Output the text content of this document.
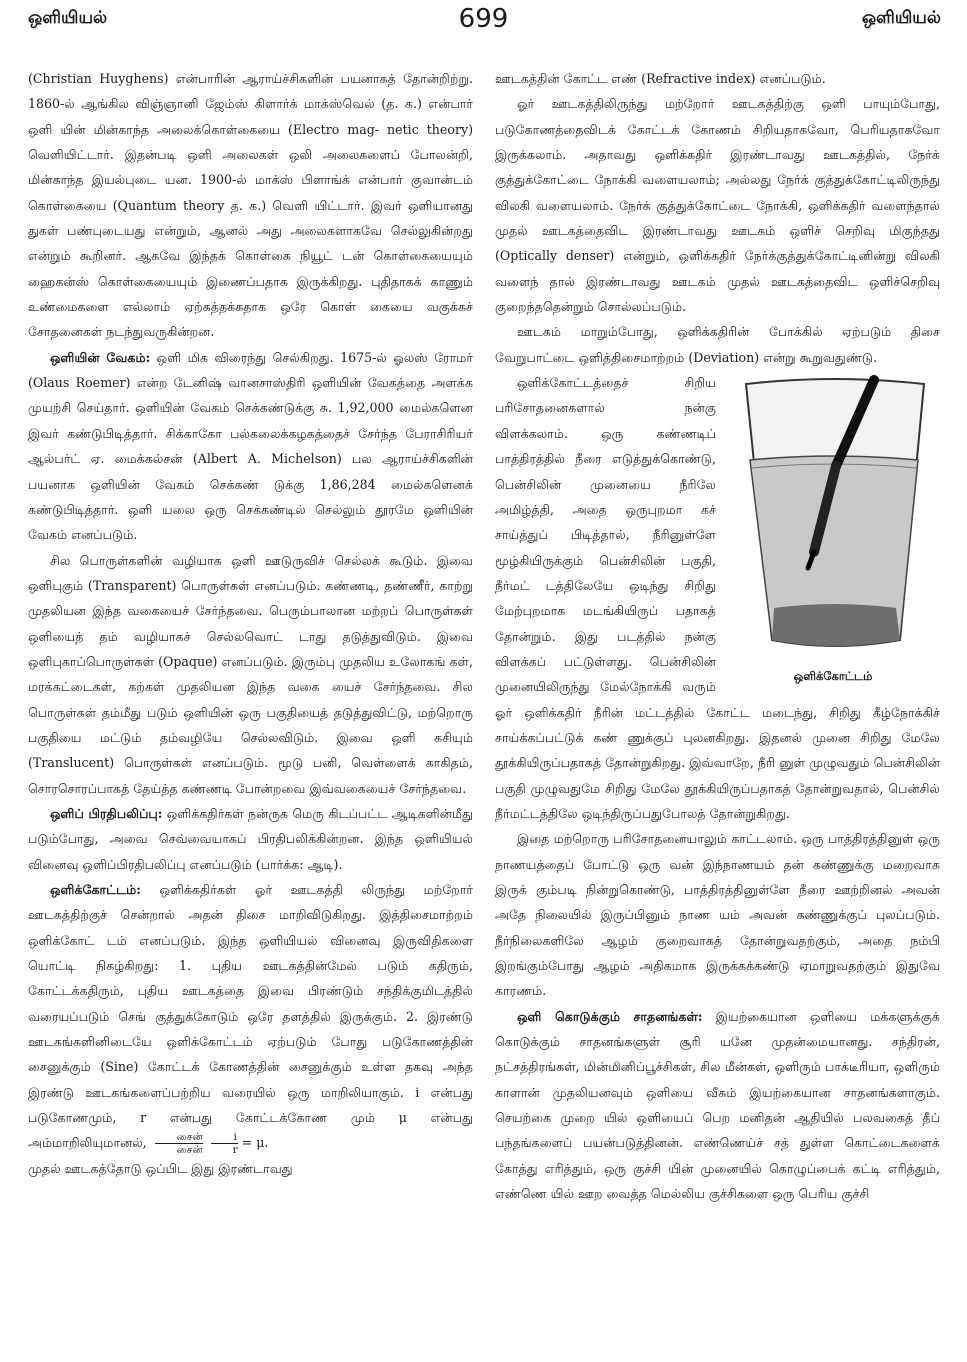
ஒளியியல்	699	ஒளியியல்

(Christian Huyghens) என்பாரின் ஆராய்ச்சிகளின் பயனாகத் தோன்றிற்று. 1860-ல் ஆங்கில விஞ்ஞானி ஜேம்ஸ் கிளார்க் மாக்ஸ்வெல் (த. க.) என்பார் ஒளி யின் மின்காந்த அலைக்கொள்கையை (Electro mag- netic theory) வெளியிட்டார். இதன்படி ஒளி அலைகள் ஒலி அலைகளைப் போலன்றி, மின்காந்த இயல்புடை யன. 1900-ல் மாக்ஸ் பிளாங்க் என்பார் குவான்டம் கொள்கையை (Quantum theory த. க.) வெளி யிட்டார். இவர் ஒளியானது துகள் பண்புடையது என்றும், ஆனல் அது அலைகளாகவே செல்லுகின்றது என்றும் கூறினர். ஆகவே இந்தக் கொள்கை நியூட் டன் கொள்கையையும் ஹைகன்ஸ் கொள்கையையும் இணைப்பதாக இருக்கிறது. புதிதாகக் காணும் உண்மைகளை எல்லாம் ஏற்கத்தக்கதாக ஒரே கொள் கையை வகுக்கச் சோதனைகள் நடந்துவருகின்றன.

ஒளியின் வேகம்: ஒளி மிக விரைந்து செல்கிறது. 1675-ல் ஓலஸ் ரோமர் (Olaus Roemer) என்ற டேனிஷ் வானசாஸ்திரி ஒளியின் வேகத்தை அளக்க முயற்சி செய்தார். ஒளியின் வேகம் செக்கண்டுக்கு சு. 1,92,000 மைல்களென இவர் கண்டுபிடித்தார். சிக்காகோ பல்கலைக்கழகத்தைச் சேர்ந்த பேராசிரியர் ஆல்பர்ட் ஏ. மைக்கல்சன் (Albert A. Michelson) பல ஆராய்ச்சிகளின் பயனாக ஒளியின் வேகம் செக்கண் டுக்கு 1,86,284 மைல்களெனக் கண்டுபிடித்தார். ஒளி யலை ஒரு செக்கண்டில் செல்லும் தூரமே ஒளியின் வேகம் எனப்படும்.

சில பொருள்களின் வழியாக ஒளி ஊடுருவிச் செல்லக் கூடும். இவை ஒளிபுகும் (Transparent) பொருள்கள் எனப்படும். கண்ணடி, தண்ணீர், காற்று முதலியன இந்த வகையைச் சேர்ந்தவை. பெரும்பாலான மற்றப் பொருள்கள் ஒளியைத் தம் வழியாகச் செல்லவொட் டாது தடுத்துவிடும். இவை ஒளிபுகாப்பொருள்கள் (Opaque) எனப்படும். இரும்பு முதலிய உலோகங் கள், மரக்கட்டைகள், கற்கள் முதலியன இந்த வகை யைச் சேர்ந்தவை. சில பொருள்கள் தம்மீது படும் ஒளியின் ஒரு பகுதியைத் தடுத்துவிட்டு, மற்றொரு பகுதியை மட்டும் தம்வழியே செல்லவிடும். இவை ஒளி கசியும் (Translucent) பொருள்கள் எனப்படும். மூடு பனி, வெள்ளைக் காகிதம், சொரசொரப்பாகத் தேய்த்த கண்ணடி போன்றவை இவ்வகையைச் சேர்ந்தவை.

ஒளிப் பிரதிபலிப்பு: ஒளிக்கதிர்கள் நன்ருக மெரு கிடப்பட்ட ஆடிகளின்மீது படும்போது, அவை செவ்வையாகப் பிரதிபலிக்கின்றன. இந்த ஒளியியல் வினைவு ஒளிப்பிரதிபலிப்பு எனப்படும் (பார்க்க: ஆடி).

ஒளிக்கோட்டம்: ஒளிக்கதிர்கள் ஓர் ஊடகத்தி லிருந்து மற்றோர் ஊடகத்திற்குச் சென்றால் அதன் திசை மாறிவிடுகிறது. இத்திசைமாற்றம் ஒளிக்கோட் டம் எனப்படும். இந்த ஒளியியல் வினைவு இருவிதிகளை யொட்டி நிகழ்கிறது: 1. புதிய ஊடகத்தின்மேல் படும் கதிரும், கோட்டக்கதிரும், புதிய ஊடகத்தை இவை பிரண்டும் சந்திக்குமிடத்தில் வரையப்படும் செங் குத்துக்கோடும் ஒரே தளத்தில் இருக்கும். 2. இரண்டு ஊடகங்களினிடையே ஒளிக்கோட்டம் ஏற்படும் போது படுகோணத்தின் சைனுக்கும் (Sine) கோட்டக் கோணத்தின் சைனுக்கும் உள்ள தகவு அந்த இரண்டு ஊடகங்களைப்பற்றிய வரையில் ஒரு மாறிலியாகும். i என்பது படுகோணமும், r என்பது கோட்டக்கோண மும் μ என்பது அம்மாறிலியுமானல், $\frac{\text{சைன்}}{\text{சைன்}} \frac{i}{r} = \mu$.

முதல் ஊடகத்தோடு ஒப்பிட இது இரண்டாவது

ஊடகத்தின் கோட்ட எண் (Refractive index) எனப்படும்.

ஓர் ஊடகத்திலிருந்து மற்றோர் ஊடகத்திற்கு ஒளி பாயும்போது, படுகோணத்தைவிடக் கோட்டக் கோணம் சிறியதாகவோ, பெரியதாகவோ இருக்கலாம். அதாவது ஒளிக்கதிர் இரண்டாவது ஊடகத்தில், நேர்க் குத்துக்கோட்டை நோக்கி வளையலாம்; அல்லது நேர்க் குத்துக்கோட்டிலிருந்து விலகி வளையலாம். நேர்க் குத்துக்கோட்டை நோக்கி, ஒளிக்கதிர் வளைந்தால் முதல் ஊடகத்தைவிட இரண்டாவது ஊடகம் ஒளிச் செறிவு மிகுந்தது (Optically denser) என்றும், ஒளிக்கதிர் நேர்க்குத்துக்கோட்டினின்று விலகி வளைந் தால் இரண்டாவது ஊடகம் முதல் ஊடகத்தைவிட ஒளிச்செறிவு குறைந்ததென்றும் சொல்லப்படும்.

ஊடகம் மாறும்போது, ஒளிக்கதிரின் போக்கில் ஏற்படும் திசை வேறுபாட்டை ஒளித்திசைமாற்றம் (Deviation) என்று கூறுவதுண்டு.

ஒளிக்கோட்டம்

ஒளிக்கோட்டத்தைச் சிறிய பரிசோதனைகளால் நன்கு விளக்கலாம். ஒரு கண்ணடிப் பாத்திரத்தில் நீரை எடுத்துக்கொண்டு, பென்சிலின் முனையை நீரிலே அமிழ்த்தி, அதை ஒருபுறமா கச் சாய்த்துப் பிடித்தால், நீரினுள்ளே மூழ்கியிருக்கும் பென்சிலின் பகுதி, நீர்மட் டத்திலேயே ஒடிந்து சிறிது மேற்புறமாக மடங்கியிருப் பதாகத் தோன்றும். இது படத்தில் நன்கு விளக்கப் பட்டுள்ளது. பென்சிலின் முனையிலிருந்து மேல்நோக்கி வரும் ஓர் ஒளிக்கதிர் நீரின் மட்டத்தில் கோட்ட மடைந்து, சிறிது கீழ்நோக்கிச் சாய்க்கப்பட்டுக் கண் ணுக்குப் புலனகிறது. இதனல் முனை சிறிது மேலே தூக்கியிருப்பதாகத் தோன்றுகிறது. இவ்வாறே, நீரி னுள் முழுவதும் பென்சிலின் பகுதி முழுவதுமே சிறிது மேலே தூக்கியிருப்பதாகத் தோன்றுவதால், பென்சில் நீர்மட்டத்திலே ஒடிந்திருப்பதுபோலத் தோன்றுகிறது.

இதை மற்றொரு பரிசோதனையாலும் காட்டலாம். ஒரு பாத்திரத்தினுள் ஒரு நாணயத்தைப் போட்டு ஒரு வன் இந்நாணயம் தன் கண்ணுக்கு மறைவாக இருக் கும்படி நின்றுகொண்டு, பாத்திரத்தினுள்ளே நீரை ஊற்றினல் அவன் அதே நிலையில் இருப்பினும் நாண யம் அவன் கண்ணுக்குப் புலப்படும். நீர்நிலைகளிலே ஆழம் குறைவாகத் தோன்றுவதற்கும், அதை நம்பி இறங்கும்போது ஆழம் அதிகமாக இருக்கக்கண்டு ஏமாறுவதற்கும் இதுவே காரணம்.

ஒளி கொடுக்கும் சாதனங்கள்: இயற்கையான ஒளியை மக்களுக்குக் கொடுக்கும் சாதனங்களுள் சூரி யனே முதன்மையானது. சந்திரன், நட்சத்திரங்கள், மின்மினிப்பூச்சிகள், சில மீன்கள், ஒளிரும் பாக்டீரியா, ஒளிரும் காளான் முதலியனவும் ஒளியை வீசும் இயற்கையான சாதனங்களாகும். செயற்கை முறை யில் ஒளியைப் பெற மனிதன் ஆதியில் பலவகைத் தீப் பந்தங்களைப் பயன்படுத்தினன். எண்ணெய்ச் சத் துள்ள கொட்டைகளைக் கோத்து எரித்தும், ஒரு குச்சி யின் முனையில் கொழுப்பைக் கட்டி எரித்தும், எண்ணெ யில் ஊற வைத்த மெல்லிய குச்சிகளை ஒரு பெரிய குச்சி
